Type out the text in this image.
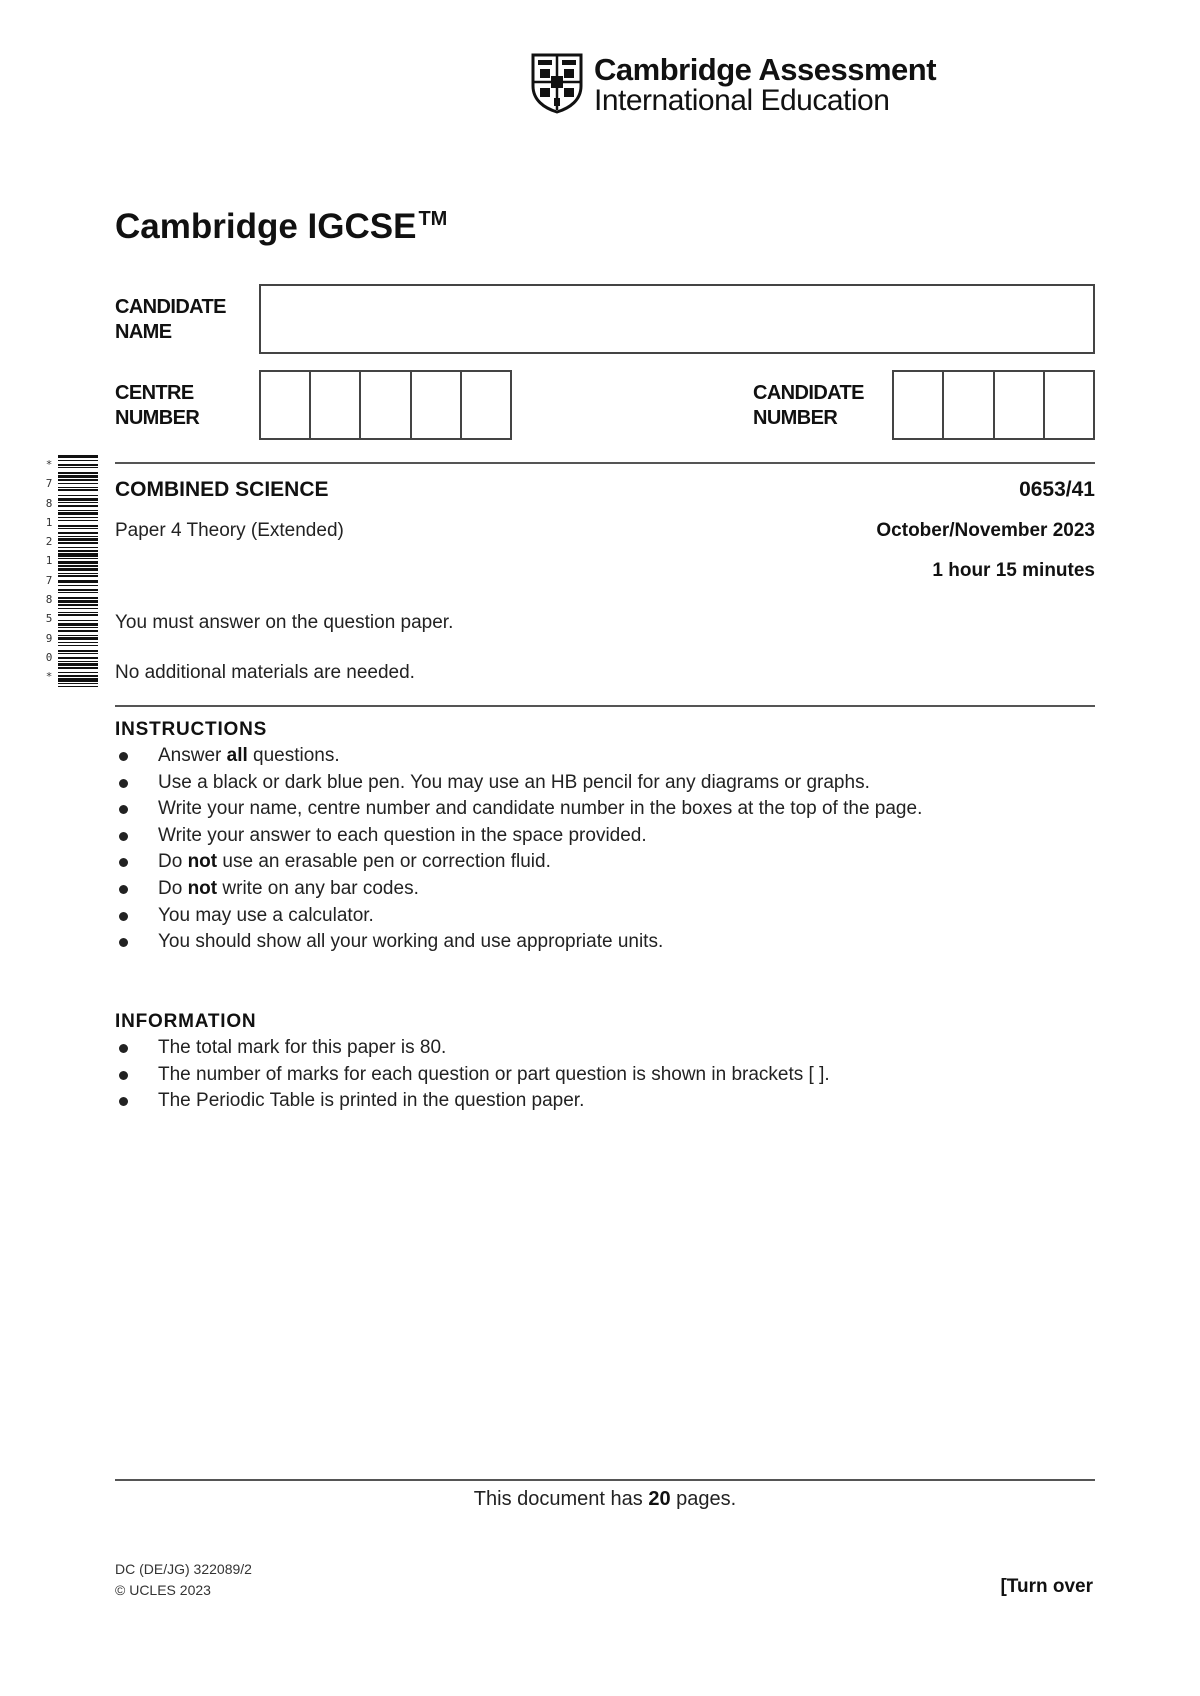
Cambridge Assessment
International Education
Cambridge IGCSE ™
CANDIDATE
NAME
CENTRE
NUMBER
CANDIDATE
NUMBER
*
7
8
1
2
1
7
8
5
9
0
*
COMBINED SCIENCE	0653/41
Paper 4 Theory (Extended)	October/November 2023
1 hour 15 minutes
You must answer on the question paper.
No additional materials are needed.
INSTRUCTIONS
Answer all questions.
Use a black or dark blue pen. You may use an HB pencil for any diagrams or graphs.
Write your name, centre number and candidate number in the boxes at the top of the page.
Write your answer to each question in the space provided.
Do not use an erasable pen or correction fluid.
Do not write on any bar codes.
You may use a calculator.
You should show all your working and use appropriate units.
INFORMATION
The total mark for this paper is 80.
The number of marks for each question or part question is shown in brackets [ ].
The Periodic Table is printed in the question paper.
This document has 20 pages.
DC (DE/JG) 322089/2
© UCLES 2023	[Turn over
